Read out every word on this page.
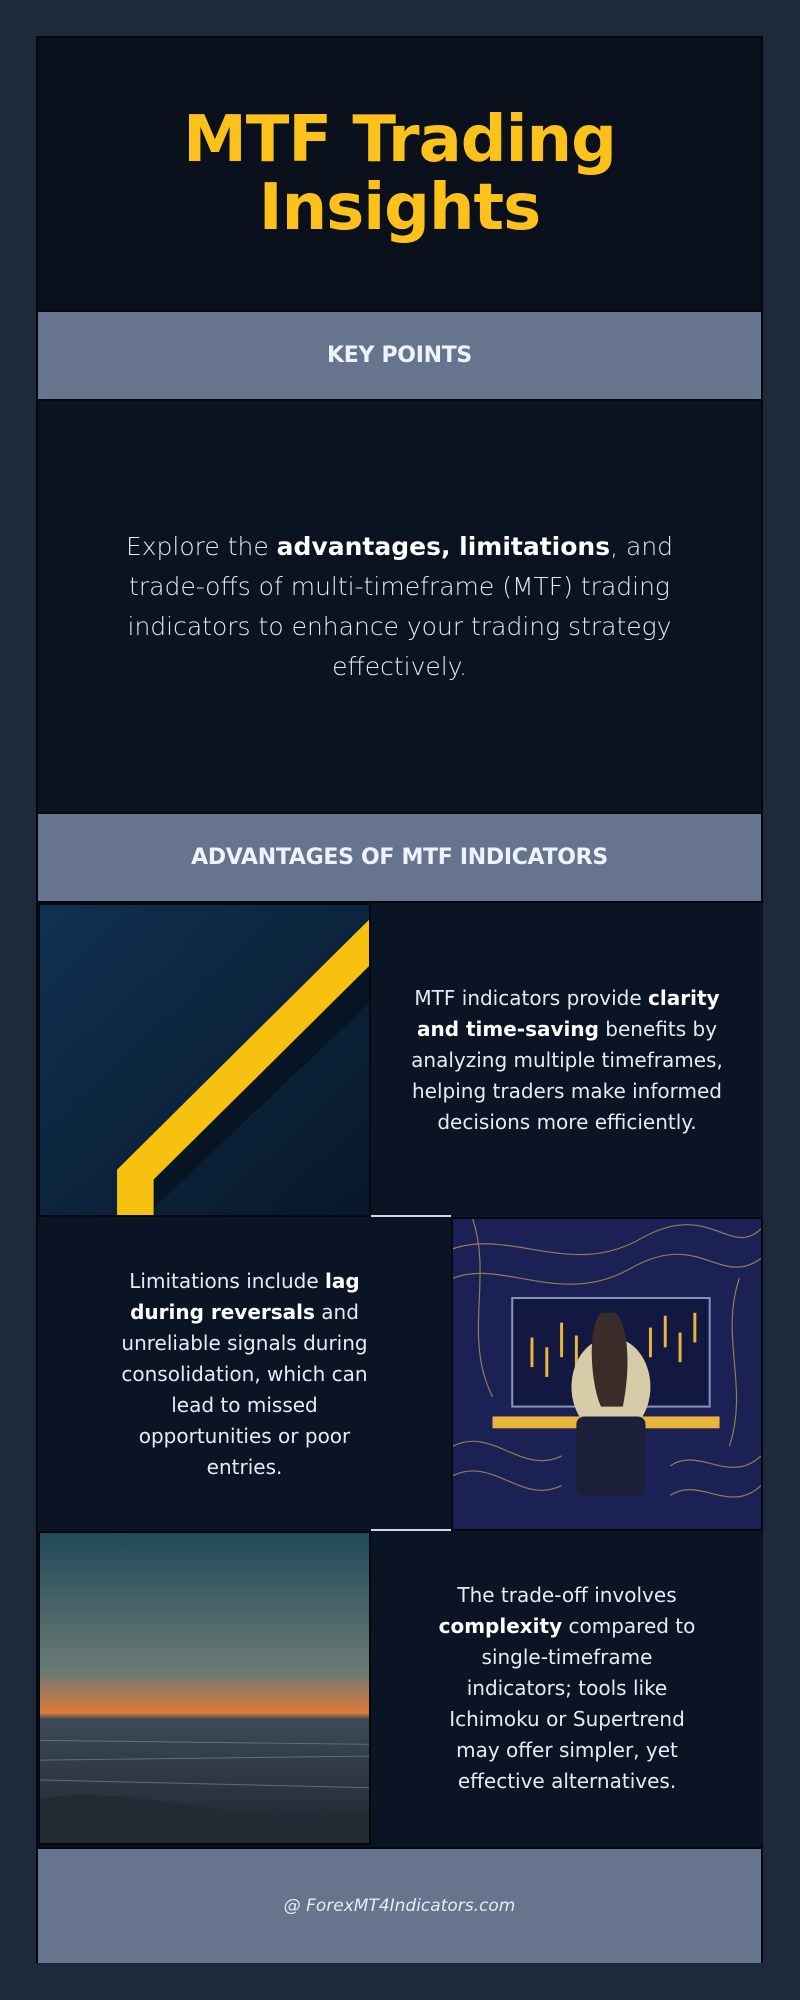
MTF Trading
Insights
KEY POINTS

Explore the advantages, limitations, and trade-offs of multi-timeframe (MTF) trading indicators to enhance your trading strategy effectively.

ADVANTAGES OF MTF INDICATORS

MTF indicators provide clarity and time-saving benefits by analyzing multiple timeframes, helping traders make informed decisions more efficiently.

Limitations include lag during reversals and unreliable signals during consolidation, which can lead to missed opportunities or poor entries.

The trade-off involves complexity compared to single-timeframe indicators; tools like Ichimoku or Supertrend may offer simpler, yet effective alternatives.

@ ForexMT4Indicators.com
